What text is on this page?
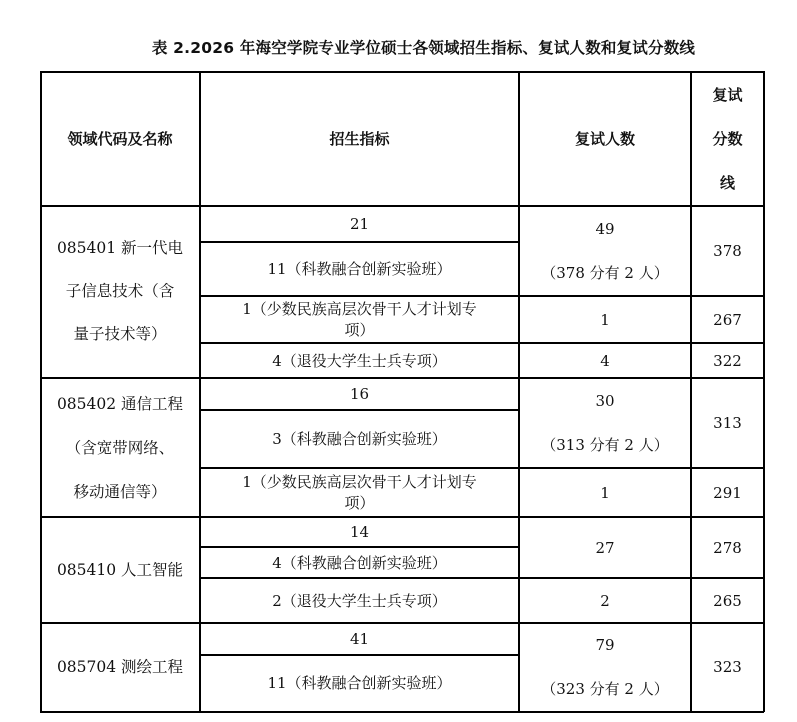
表 2.2026 年海空学院专业学位硕士各领域招生指标、复试人数和复试分数线
领域代码及名称	招生指标	复试人数
复试
分数
线
085401 新一代电
子信息技术（含
量子技术等）
21
11（科教融合创新实验班）
1（少数民族高层次骨干人才计划专
项）
4（退役大学生士兵专项）
49
（378 分有 2 人）
1
4
378
267
322
085402 通信工程
（含宽带网络、
移动通信等）
16
3（科教融合创新实验班）
1（少数民族高层次骨干人才计划专
项）
30
（313 分有 2 人）
1
313
291
085410 人工智能
14
4（科教融合创新实验班）
2（退役大学生士兵专项）
27
2
278
265
085704 测绘工程
41
11（科教融合创新实验班）
79
（323 分有 2 人）
323
